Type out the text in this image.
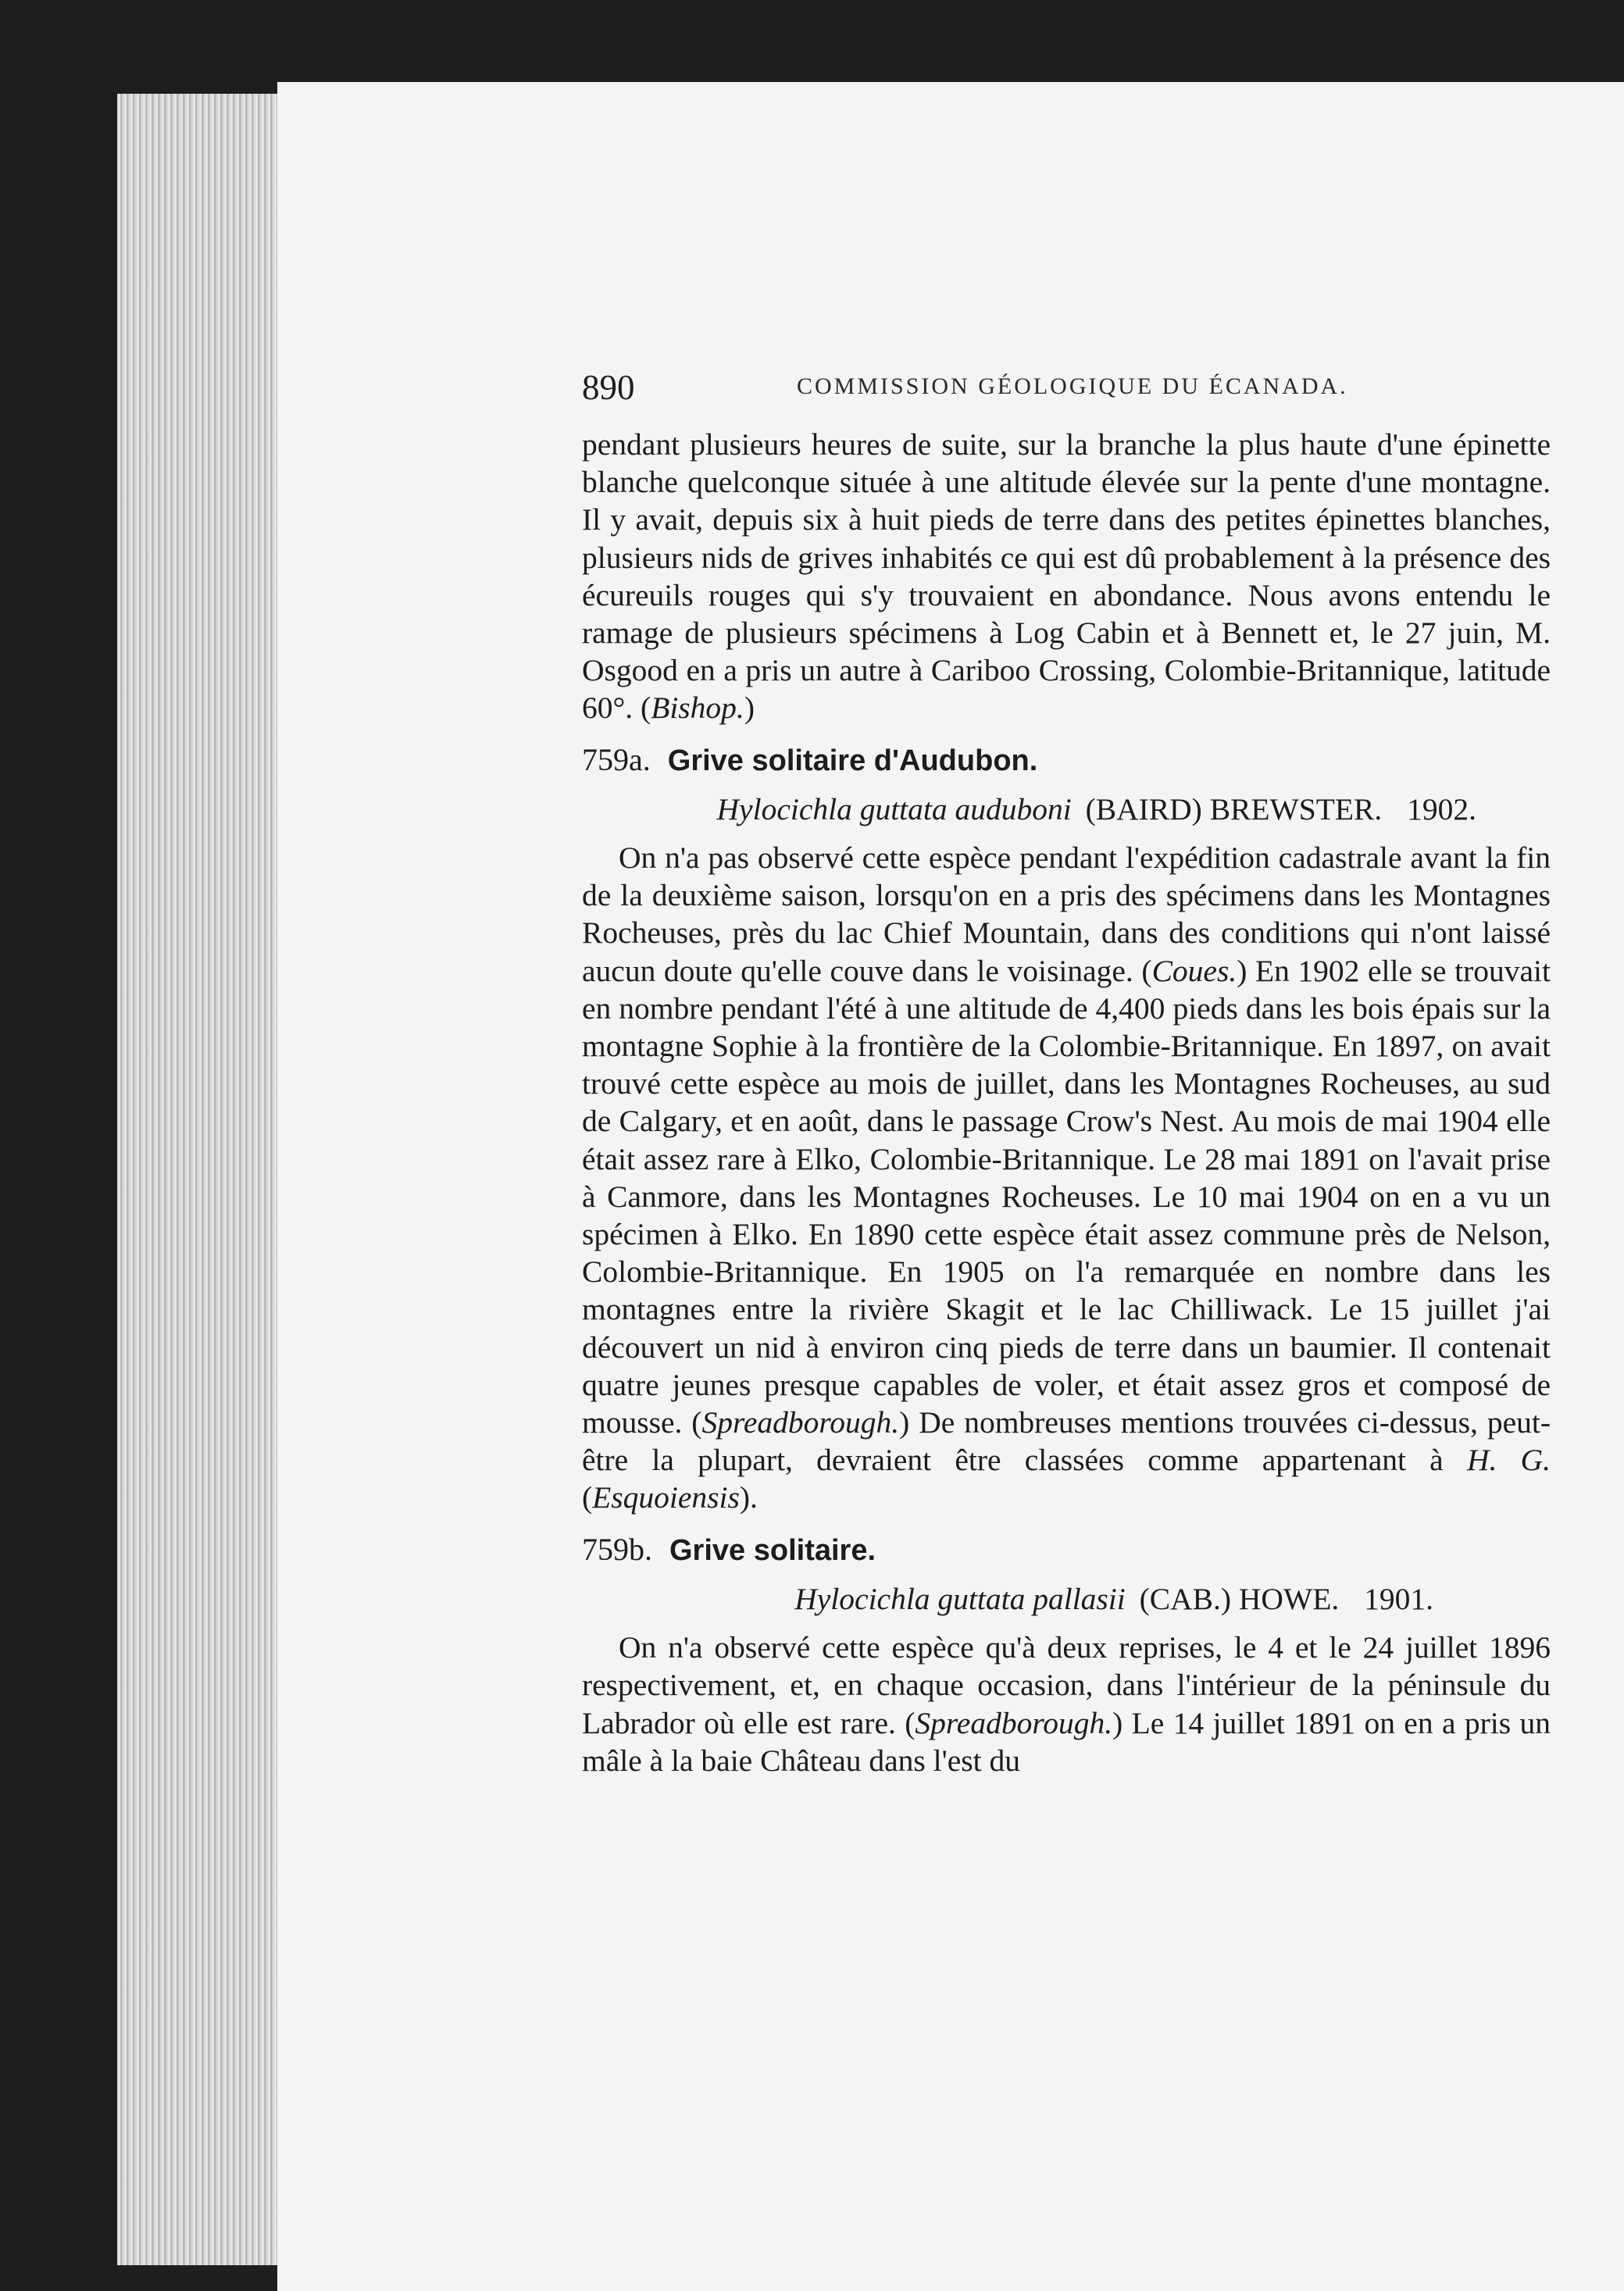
890	COMMISSION GÉOLOGIQUE DU ÉCANADA.

pendant plusieurs heures de suite, sur la branche la plus haute d'une épinette blanche quelconque située à une altitude élevée sur la pente d'une montagne. Il y avait, depuis six à huit pieds de terre dans des petites épinettes blanches, plusieurs nids de grives inhabités ce qui est dû probablement à la présence des écureuils rouges qui s'y trouvaient en abondance. Nous avons entendu le ramage de plusieurs spécimens à Log Cabin et à Bennett et, le 27 juin, M. Osgood en a pris un autre à Cariboo Crossing, Colombie-Britannique, latitude 60°. (Bishop.)

759a. Grive solitaire d'Audubon.

Hylocichla guttata auduboni (BAIRD) BREWSTER. 1902.

On n'a pas observé cette espèce pendant l'expédition cadastrale avant la fin de la deuxième saison, lorsqu'on en a pris des spécimens dans les Montagnes Rocheuses, près du lac Chief Mountain, dans des conditions qui n'ont laissé aucun doute qu'elle couve dans le voisinage. (Coues.) En 1902 elle se trouvait en nombre pendant l'été à une altitude de 4,400 pieds dans les bois épais sur la montagne Sophie à la frontière de la Colombie-Britannique. En 1897, on avait trouvé cette espèce au mois de juillet, dans les Montagnes Rocheuses, au sud de Calgary, et en août, dans le passage Crow's Nest. Au mois de mai 1904 elle était assez rare à Elko, Colombie-Britannique. Le 28 mai 1891 on l'avait prise à Canmore, dans les Montagnes Rocheuses. Le 10 mai 1904 on en a vu un spécimen à Elko. En 1890 cette espèce était assez commune près de Nelson, Colombie-Britannique. En 1905 on l'a remarquée en nombre dans les montagnes entre la rivière Skagit et le lac Chilliwack. Le 15 juillet j'ai découvert un nid à environ cinq pieds de terre dans un baumier. Il contenait quatre jeunes presque capables de voler, et était assez gros et composé de mousse. (Spreadborough.) De nombreuses mentions trouvées ci-dessus, peut-être la plupart, devraient être classées comme appartenant à H. G. (Esquoiensis).

759b. Grive solitaire.

Hylocichla guttata pallasii (CAB.) HOWE. 1901.

On n'a observé cette espèce qu'à deux reprises, le 4 et le 24 juillet 1896 respectivement, et, en chaque occasion, dans l'intérieur de la péninsule du Labrador où elle est rare. (Spreadborough.) Le 14 juillet 1891 on en a pris un mâle à la baie Château dans l'est du
